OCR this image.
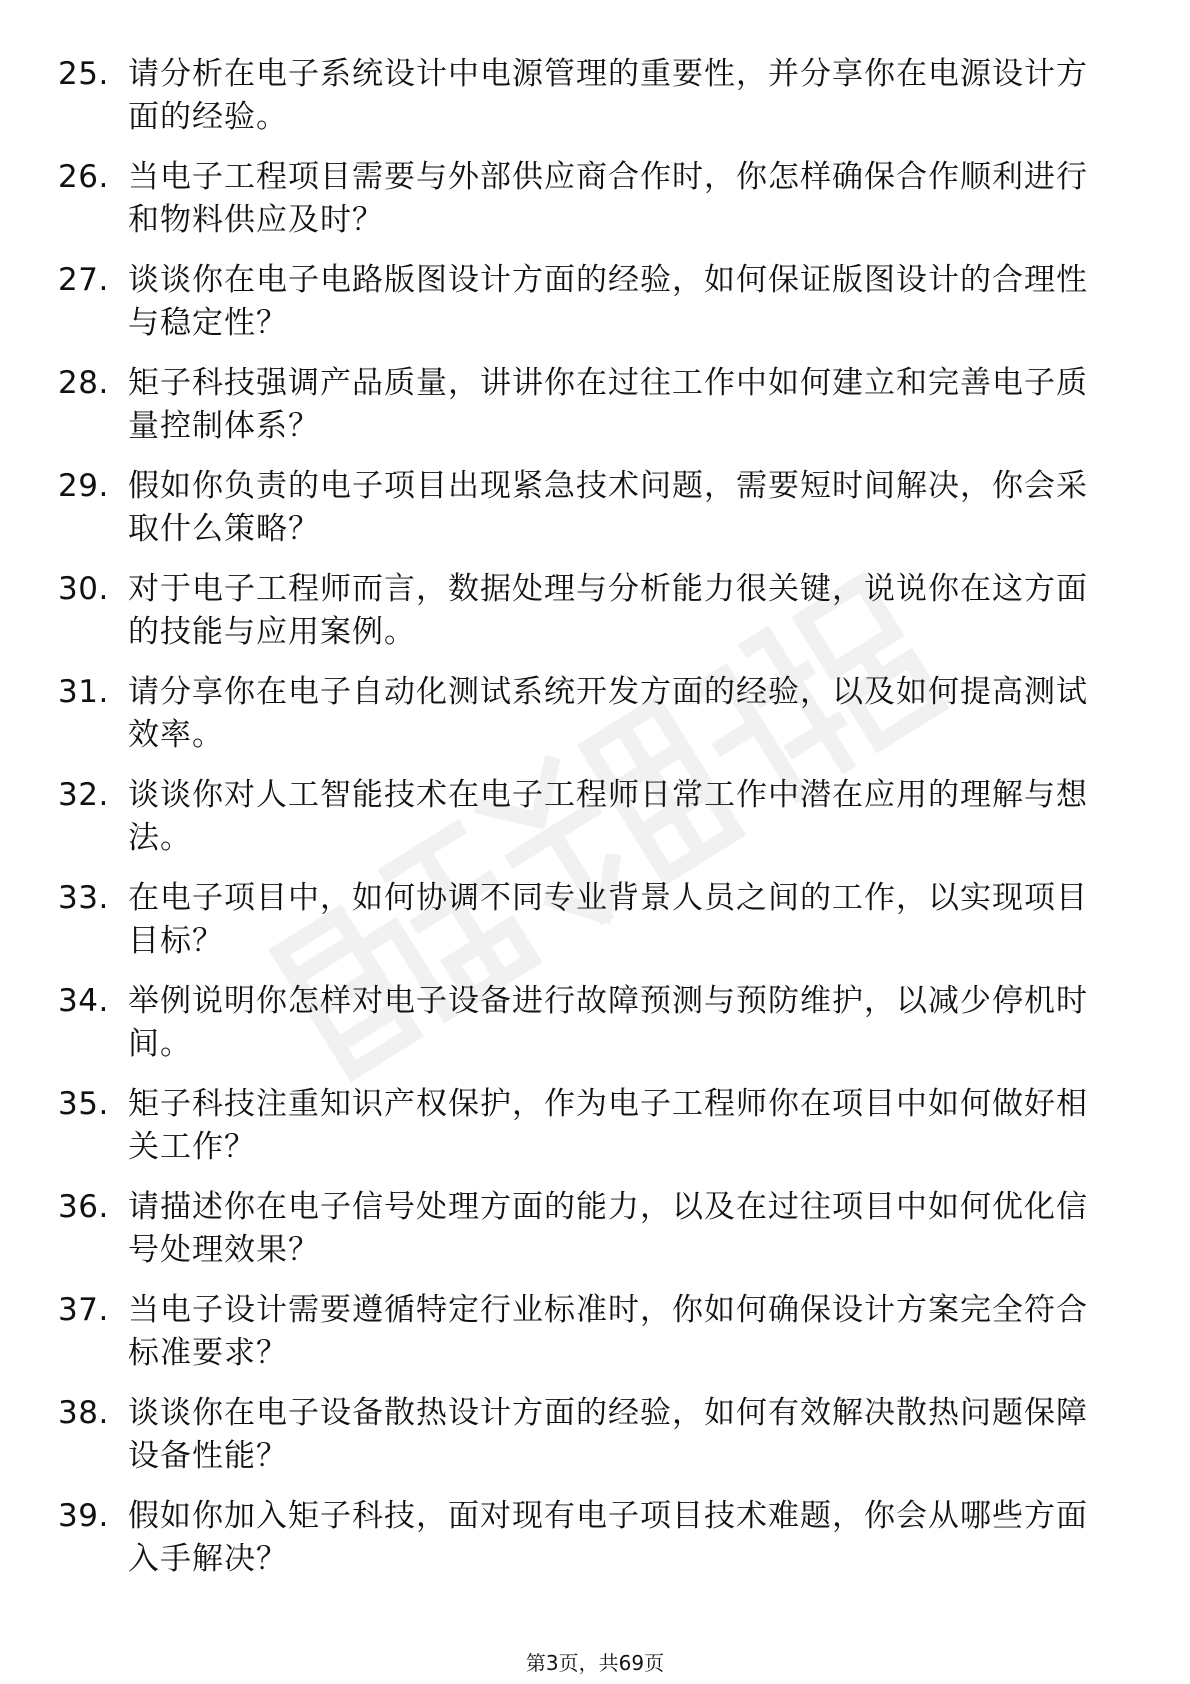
25. 请分析在电子系统设计中电源管理的重要性，并分享你在电源设计方面的经验。
26. 当电子工程项目需要与外部供应商合作时，你怎样确保合作顺利进行和物料供应及时？
27. 谈谈你在电子电路版图设计方面的经验，如何保证版图设计的合理性与稳定性？
28. 矩子科技强调产品质量，讲讲你在过往工作中如何建立和完善电子质量控制体系？
29. 假如你负责的电子项目出现紧急技术问题，需要短时间解决，你会采取什么策略？
30. 对于电子工程师而言，数据处理与分析能力很关键，说说你在这方面的技能与应用案例。
31. 请分享你在电子自动化测试系统开发方面的经验，以及如何提高测试效率。
32. 谈谈你对人工智能技术在电子工程师日常工作中潜在应用的理解与想法。
33. 在电子项目中，如何协调不同专业背景人员之间的工作，以实现项目目标？
34. 举例说明你怎样对电子设备进行故障预测与预防维护，以减少停机时间。
35. 矩子科技注重知识产权保护，作为电子工程师你在项目中如何做好相关工作？
36. 请描述你在电子信号处理方面的能力，以及在过往项目中如何优化信号处理效果？
37. 当电子设计需要遵循特定行业标准时，你如何确保设计方案完全符合标准要求？
38. 谈谈你在电子设备散热设计方面的经验，如何有效解决散热问题保障设备性能？
39. 假如你加入矩子科技，面对现有电子项目技术难题，你会从哪些方面入手解决？
第3页，共69页
